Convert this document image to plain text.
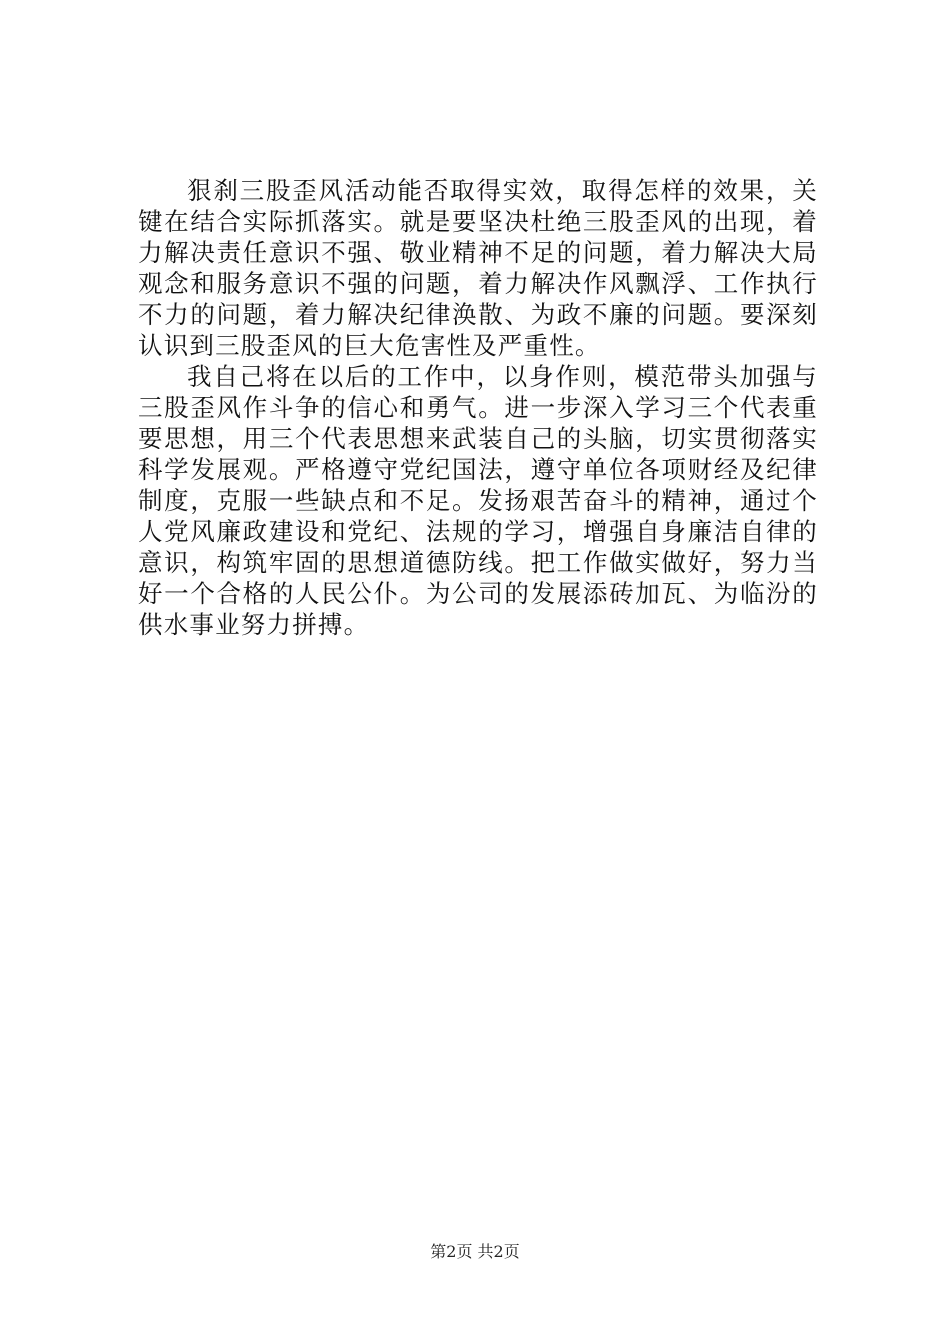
狠刹三股歪风活动能否取得实效，取得怎样的效果，关键在结合实际抓落实。就是要坚决杜绝三股歪风的出现，着力解决责任意识不强、敬业精神不足的问题，着力解决大局观念和服务意识不强的问题，着力解决作风飘浮、工作执行不力的问题，着力解决纪律涣散、为政不廉的问题。要深刻认识到三股歪风的巨大危害性及严重性。

我自己将在以后的工作中，以身作则，模范带头加强与三股歪风作斗争的信心和勇气。进一步深入学习三个代表重要思想，用三个代表思想来武装自己的头脑，切实贯彻落实科学发展观。严格遵守党纪国法，遵守单位各项财经及纪律制度，克服一些缺点和不足。发扬艰苦奋斗的精神，通过个人党风廉政建设和党纪、法规的学习，增强自身廉洁自律的意识，构筑牢固的思想道德防线。把工作做实做好，努力当好一个合格的人民公仆。为公司的发展添砖加瓦、为临汾的供水事业努力拼搏。

第2页 共2页
